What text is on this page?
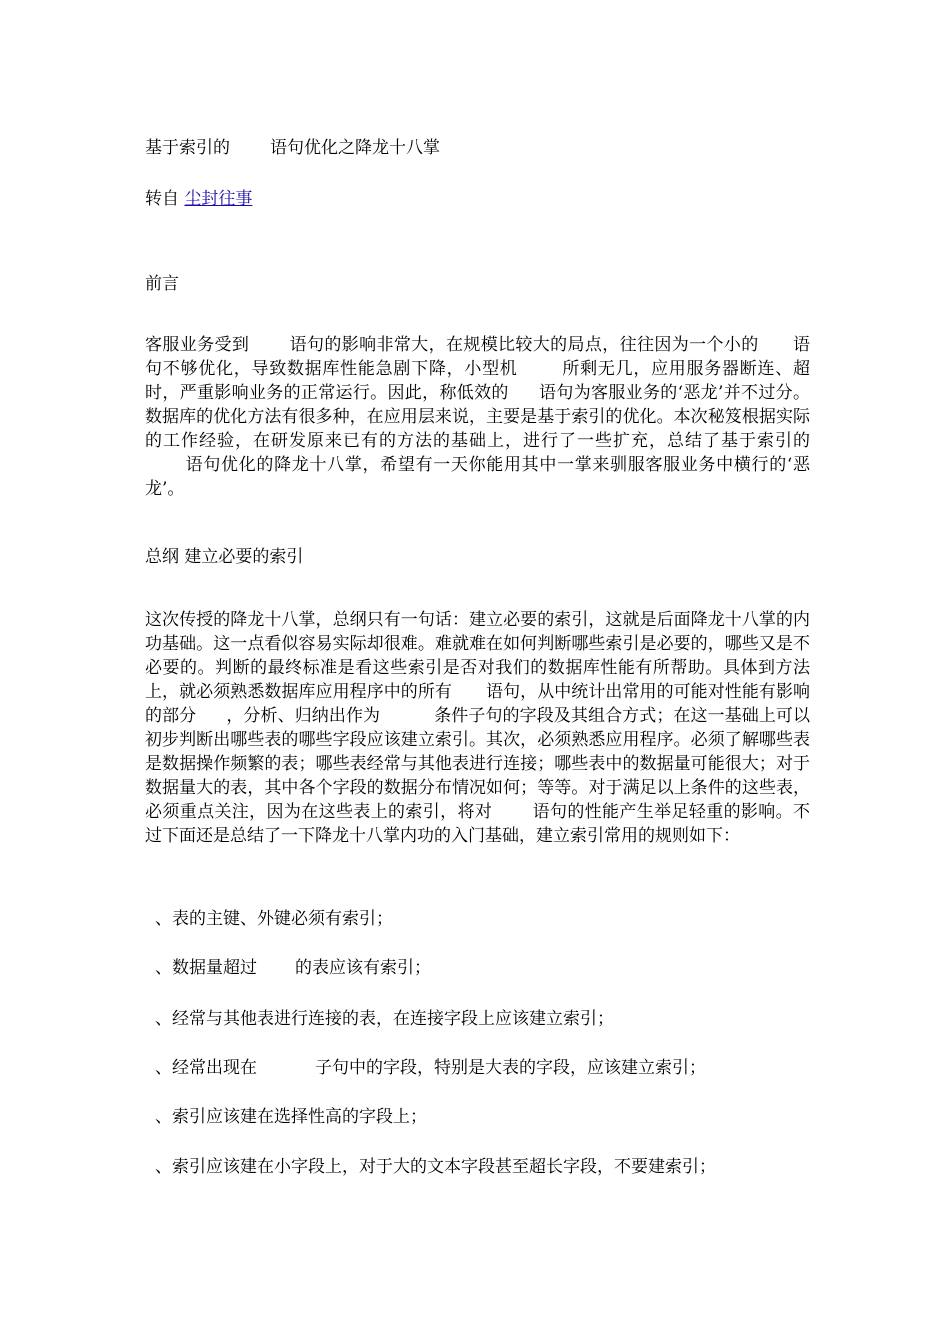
基于索引的 语句优化之降龙十八掌
转自 尘封往事
前言
客服业务受到 语句的影响非常大，在规模比较大的局点，往往因为一个小的 语句不够优化，导致数据库性能急剧下降，小型机	所剩无几，应用服务器断连、超时，严重影响业务的正常运行。因此，称低效的 语句为客服业务的‘恶龙’并不过分。数据库的优化方法有很多种，在应用层来说，主要是基于索引的优化。本次秘笈根据实际的工作经验，在研发原来已有的方法的基础上，进行了一些扩充，总结了基于索引的语句优化的降龙十八掌，希望有一天你能用其中一掌来驯服客服业务中横行的‘恶龙’。
总纲 建立必要的索引
这次传授的降龙十八掌，总纲只有一句话：建立必要的索引，这就是后面降龙十八掌的内功基础。这一点看似容易实际却很难。难就难在如何判断哪些索引是必要的，哪些又是不必要的。判断的最终标准是看这些索引是否对我们的数据库性能有所帮助。具体到方法上，就必须熟悉数据库应用程序中的所有 语句，从中统计出常用的可能对性能有影响的部分 ，分析、归纳出作为	条件子句的字段及其组合方式；在这一基础上可以初步判断出哪些表的哪些字段应该建立索引。其次，必须熟悉应用程序。必须了解哪些表是数据操作频繁的表；哪些表经常与其他表进行连接；哪些表中的数据量可能很大；对于数据量大的表，其中各个字段的数据分布情况如何；等等。对于满足以上条件的这些表，必须重点关注，因为在这些表上的索引，将对 语句的性能产生举足轻重的影响。不过下面还是总结了一下降龙十八掌内功的入门基础，建立索引常用的规则如下：
、表的主键、外键必须有索引；
、数据量超过 的表应该有索引；
、经常与其他表进行连接的表，在连接字段上应该建立索引；
、经常出现在	子句中的字段，特别是大表的字段，应该建立索引；
、索引应该建在选择性高的字段上；
、索引应该建在小字段上，对于大的文本字段甚至超长字段，不要建索引；
